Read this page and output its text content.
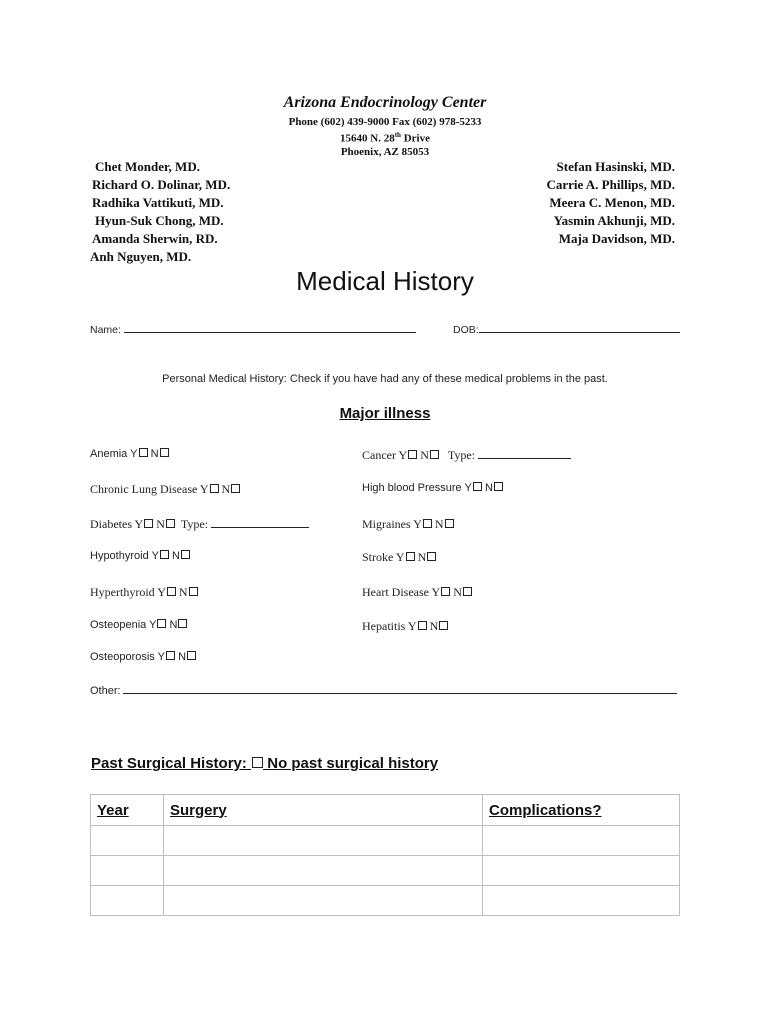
Arizona Endocrinology Center
Phone (602) 439-9000 Fax (602) 978-5233
15640 N. 28th Drive
Phoenix, AZ 85053
Chet Monder, MD.
Richard O. Dolinar, MD.
Radhika Vattikuti, MD.
Hyun-Suk Chong, MD.
Amanda Sherwin, RD.
Anh Nguyen, MD.
Stefan Hasinski, MD.
Carrie A. Phillips, MD.
Meera C. Menon, MD.
Yasmin Akhunji, MD.
Maja Davidson, MD.
Medical History
Name:	DOB:
Personal Medical History: Check if you have had any of these medical problems in the past.
Major illness
Anemia Y N
Chronic Lung Disease Y N
Diabetes Y N Type:
Hypothyroid Y N
Hyperthyroid Y N
Osteopenia Y N
Osteoporosis Y N
Cancer Y N Type:
High blood Pressure Y N
Migraines Y N
Stroke Y N
Heart Disease Y N
Hepatitis Y N
Other:
Past Surgical History: No past surgical history
Year	Surgery	Complications?
